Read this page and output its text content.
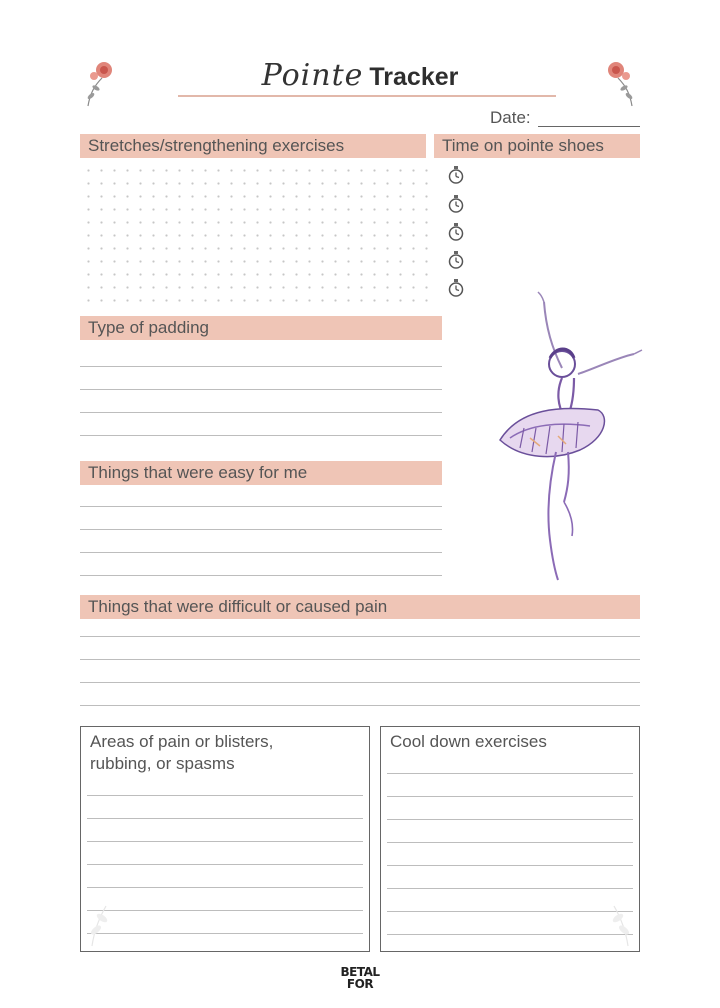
Pointe Tracker
Date:
Stretches/strengthening exercises	Time on pointe shoes
Type of padding
Things that were easy for me
Things that were difficult or caused pain
Areas of pain or blisters,
rubbing, or spasms
Cool down exercises
BETAL
FOR
